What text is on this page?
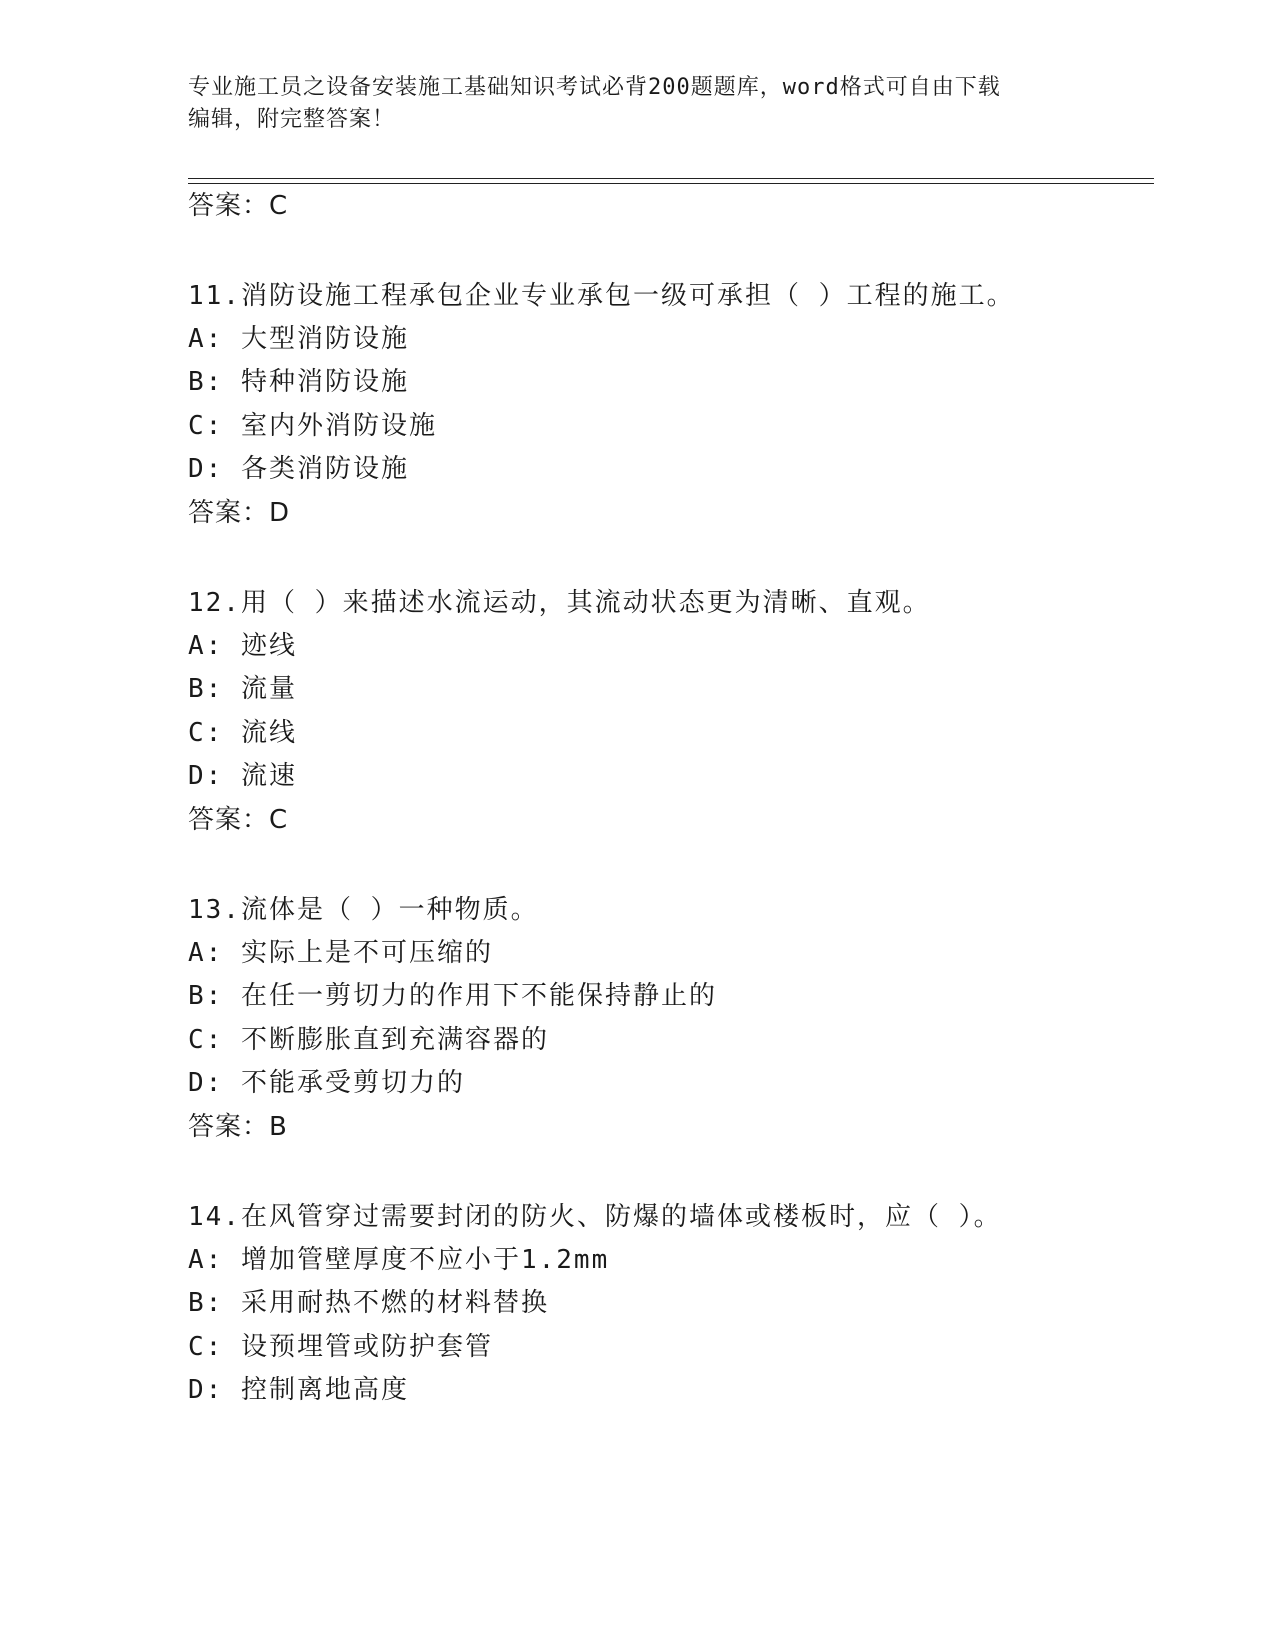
专业施工员之设备安装施工基础知识考试必背200题题库，word格式可自由下载
编辑，附完整答案！
答案：C
11.消防设施工程承包企业专业承包一级可承担（ ）工程的施工。
A: 大型消防设施
B: 特种消防设施
C: 室内外消防设施
D: 各类消防设施
答案：D
12.用（ ）来描述水流运动，其流动状态更为清晰、直观。
A: 迹线
B: 流量
C: 流线
D: 流速
答案：C
13.流体是（ ）一种物质。
A: 实际上是不可压缩的
B: 在任一剪切力的作用下不能保持静止的
C: 不断膨胀直到充满容器的
D: 不能承受剪切力的
答案：B
14.在风管穿过需要封闭的防火、防爆的墙体或楼板时，应（ ）。
A: 增加管壁厚度不应小于1.2mm
B: 采用耐热不燃的材料替换
C: 设预埋管或防护套管
D: 控制离地高度
